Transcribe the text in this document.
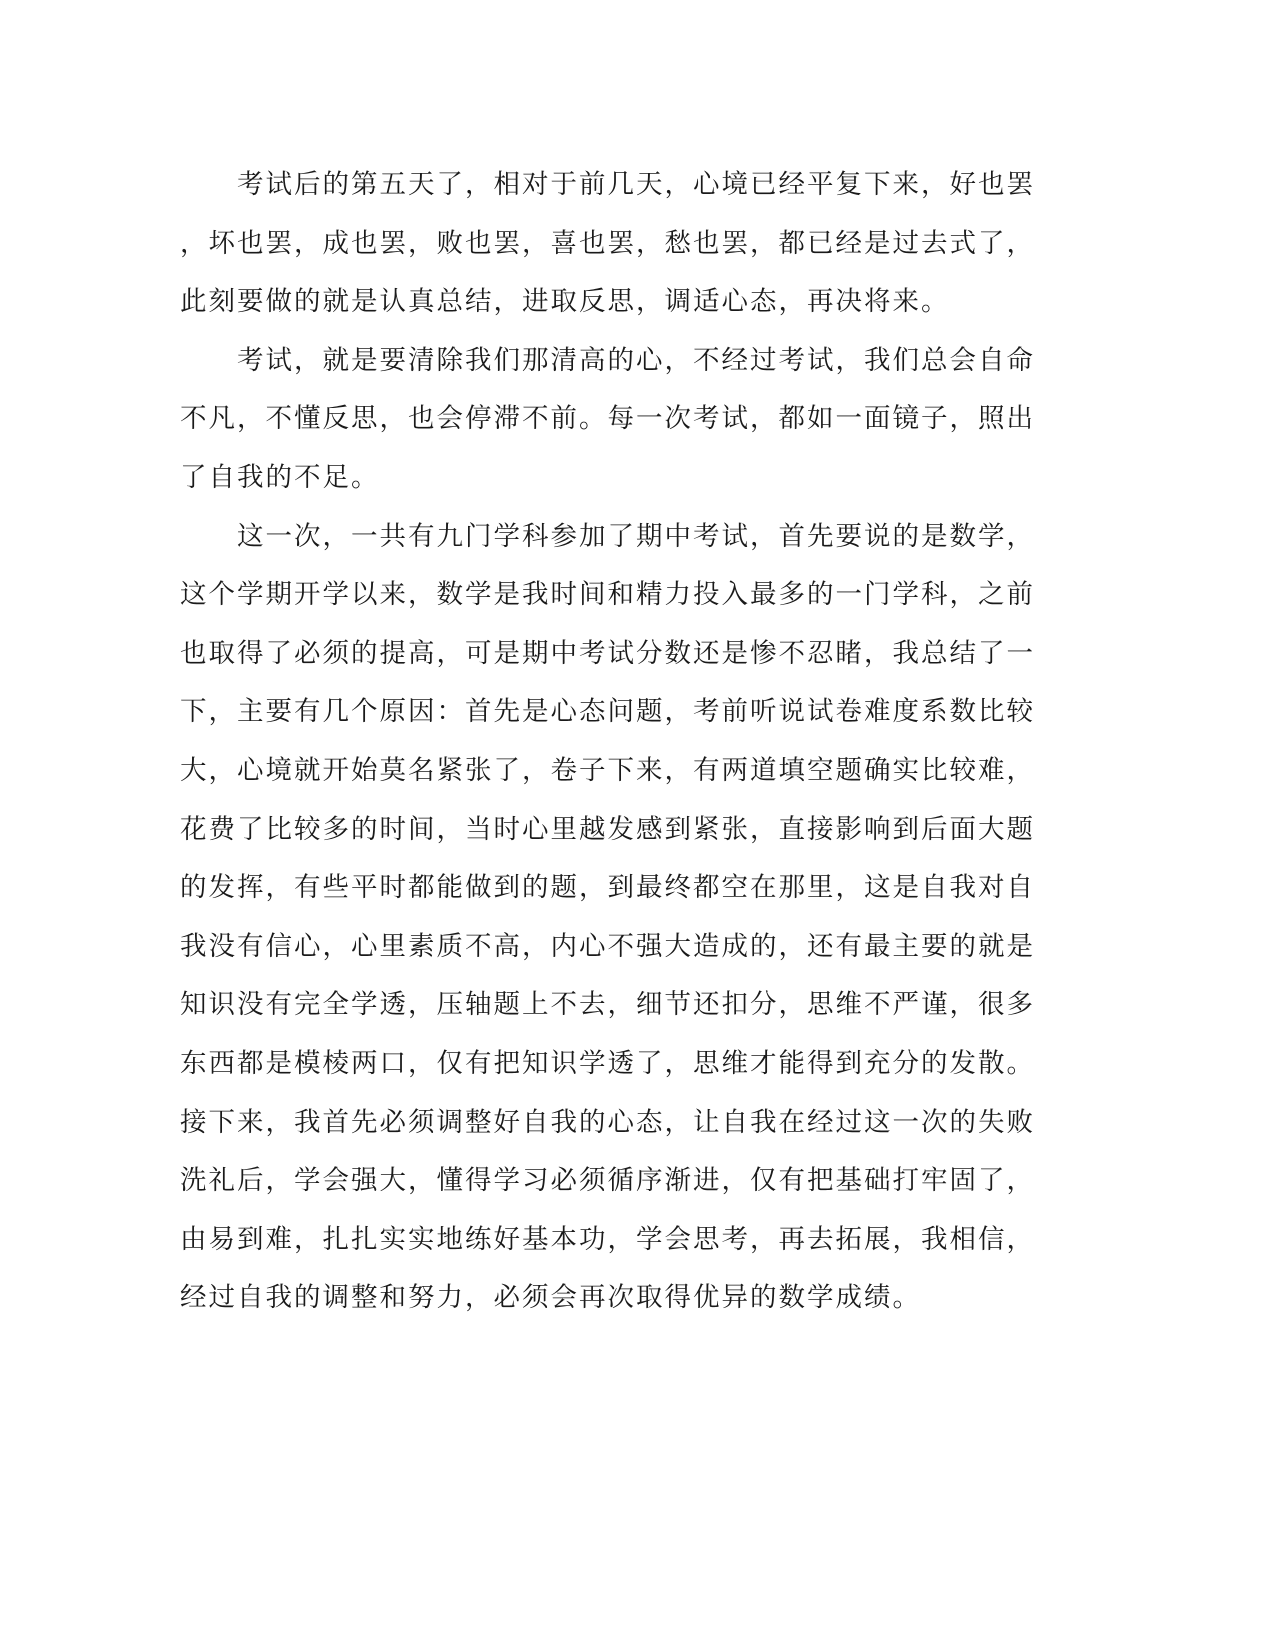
　　考试后的第五天了，相对于前几天，心境已经平复下来，好也罢
，坏也罢，成也罢，败也罢，喜也罢，愁也罢，都已经是过去式了，
此刻要做的就是认真总结，进取反思，调适心态，再决将来。
　　考试，就是要清除我们那清高的心，不经过考试，我们总会自命
不凡，不懂反思，也会停滞不前。每一次考试，都如一面镜子，照出
了自我的不足。
　　这一次，一共有九门学科参加了期中考试，首先要说的是数学，
这个学期开学以来，数学是我时间和精力投入最多的一门学科，之前
也取得了必须的提高，可是期中考试分数还是惨不忍睹，我总结了一
下，主要有几个原因：首先是心态问题，考前听说试卷难度系数比较
大，心境就开始莫名紧张了，卷子下来，有两道填空题确实比较难，
花费了比较多的时间，当时心里越发感到紧张，直接影响到后面大题
的发挥，有些平时都能做到的题，到最终都空在那里，这是自我对自
我没有信心，心里素质不高，内心不强大造成的，还有最主要的就是
知识没有完全学透，压轴题上不去，细节还扣分，思维不严谨，很多
东西都是模棱两口，仅有把知识学透了，思维才能得到充分的发散。
接下来，我首先必须调整好自我的心态，让自我在经过这一次的失败
洗礼后，学会强大，懂得学习必须循序渐进，仅有把基础打牢固了，
由易到难，扎扎实实地练好基本功，学会思考，再去拓展，我相信，
经过自我的调整和努力，必须会再次取得优异的数学成绩。
